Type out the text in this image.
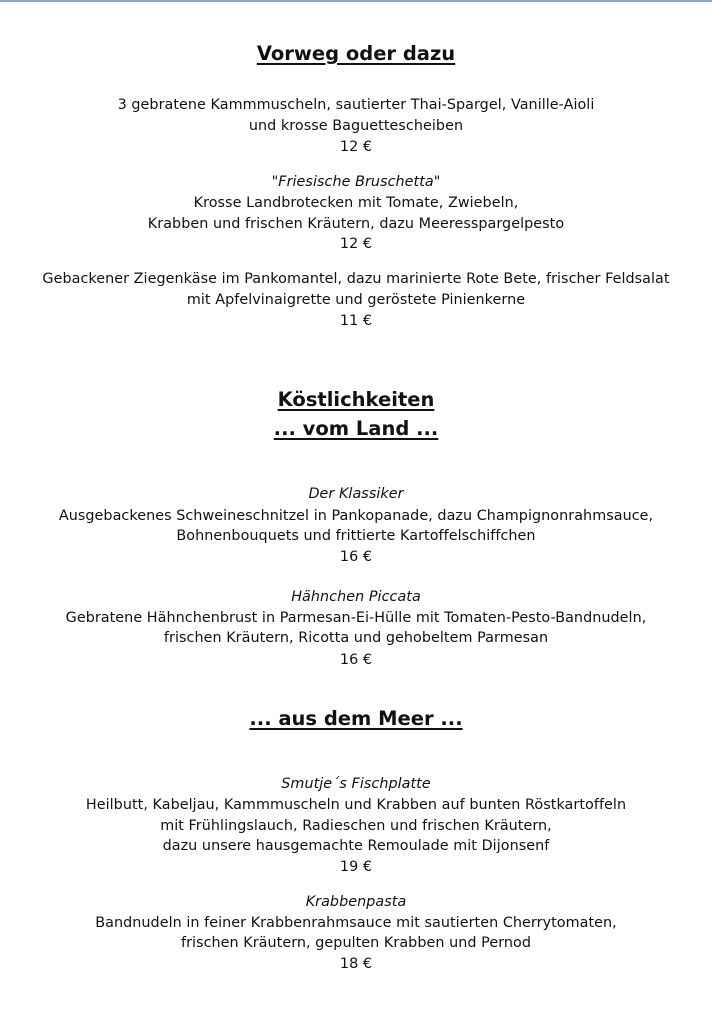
Vorweg oder dazu
3 gebratene Kammmuscheln, sautierter Thai-Spargel, Vanille-Aioli
und krosse Baguettescheiben
12 €
"Friesische Bruschetta"
Krosse Landbrotecken mit Tomate, Zwiebeln,
Krabben und frischen Kräutern, dazu Meeresspargelpesto
12 €
Gebackener Ziegenkäse im Pankomantel, dazu marinierte Rote Bete, frischer Feldsalat
mit Apfelvinaigrette und geröstete Pinienkerne
11 €
Köstlichkeiten
... vom Land ...
Der Klassiker
Ausgebackenes Schweineschnitzel in Pankopanade, dazu Champignonrahmsauce,
Bohnenbouquets und frittierte Kartoffelschiffchen
16 €
Hähnchen Piccata
Gebratene Hähnchenbrust in Parmesan-Ei-Hülle mit Tomaten-Pesto-Bandnudeln,
frischen Kräutern, Ricotta und gehobeltem Parmesan
16 €
... aus dem Meer ...
Smutje´s Fischplatte
Heilbutt, Kabeljau, Kammmuscheln und Krabben auf bunten Röstkartoffeln
mit Frühlingslauch, Radieschen und frischen Kräutern,
dazu unsere hausgemachte Remoulade mit Dijonsenf
19 €
Krabbenpasta
Bandnudeln in feiner Krabbenrahmsauce mit sautierten Cherrytomaten,
frischen Kräutern, gepulten Krabben und Pernod
18 €
